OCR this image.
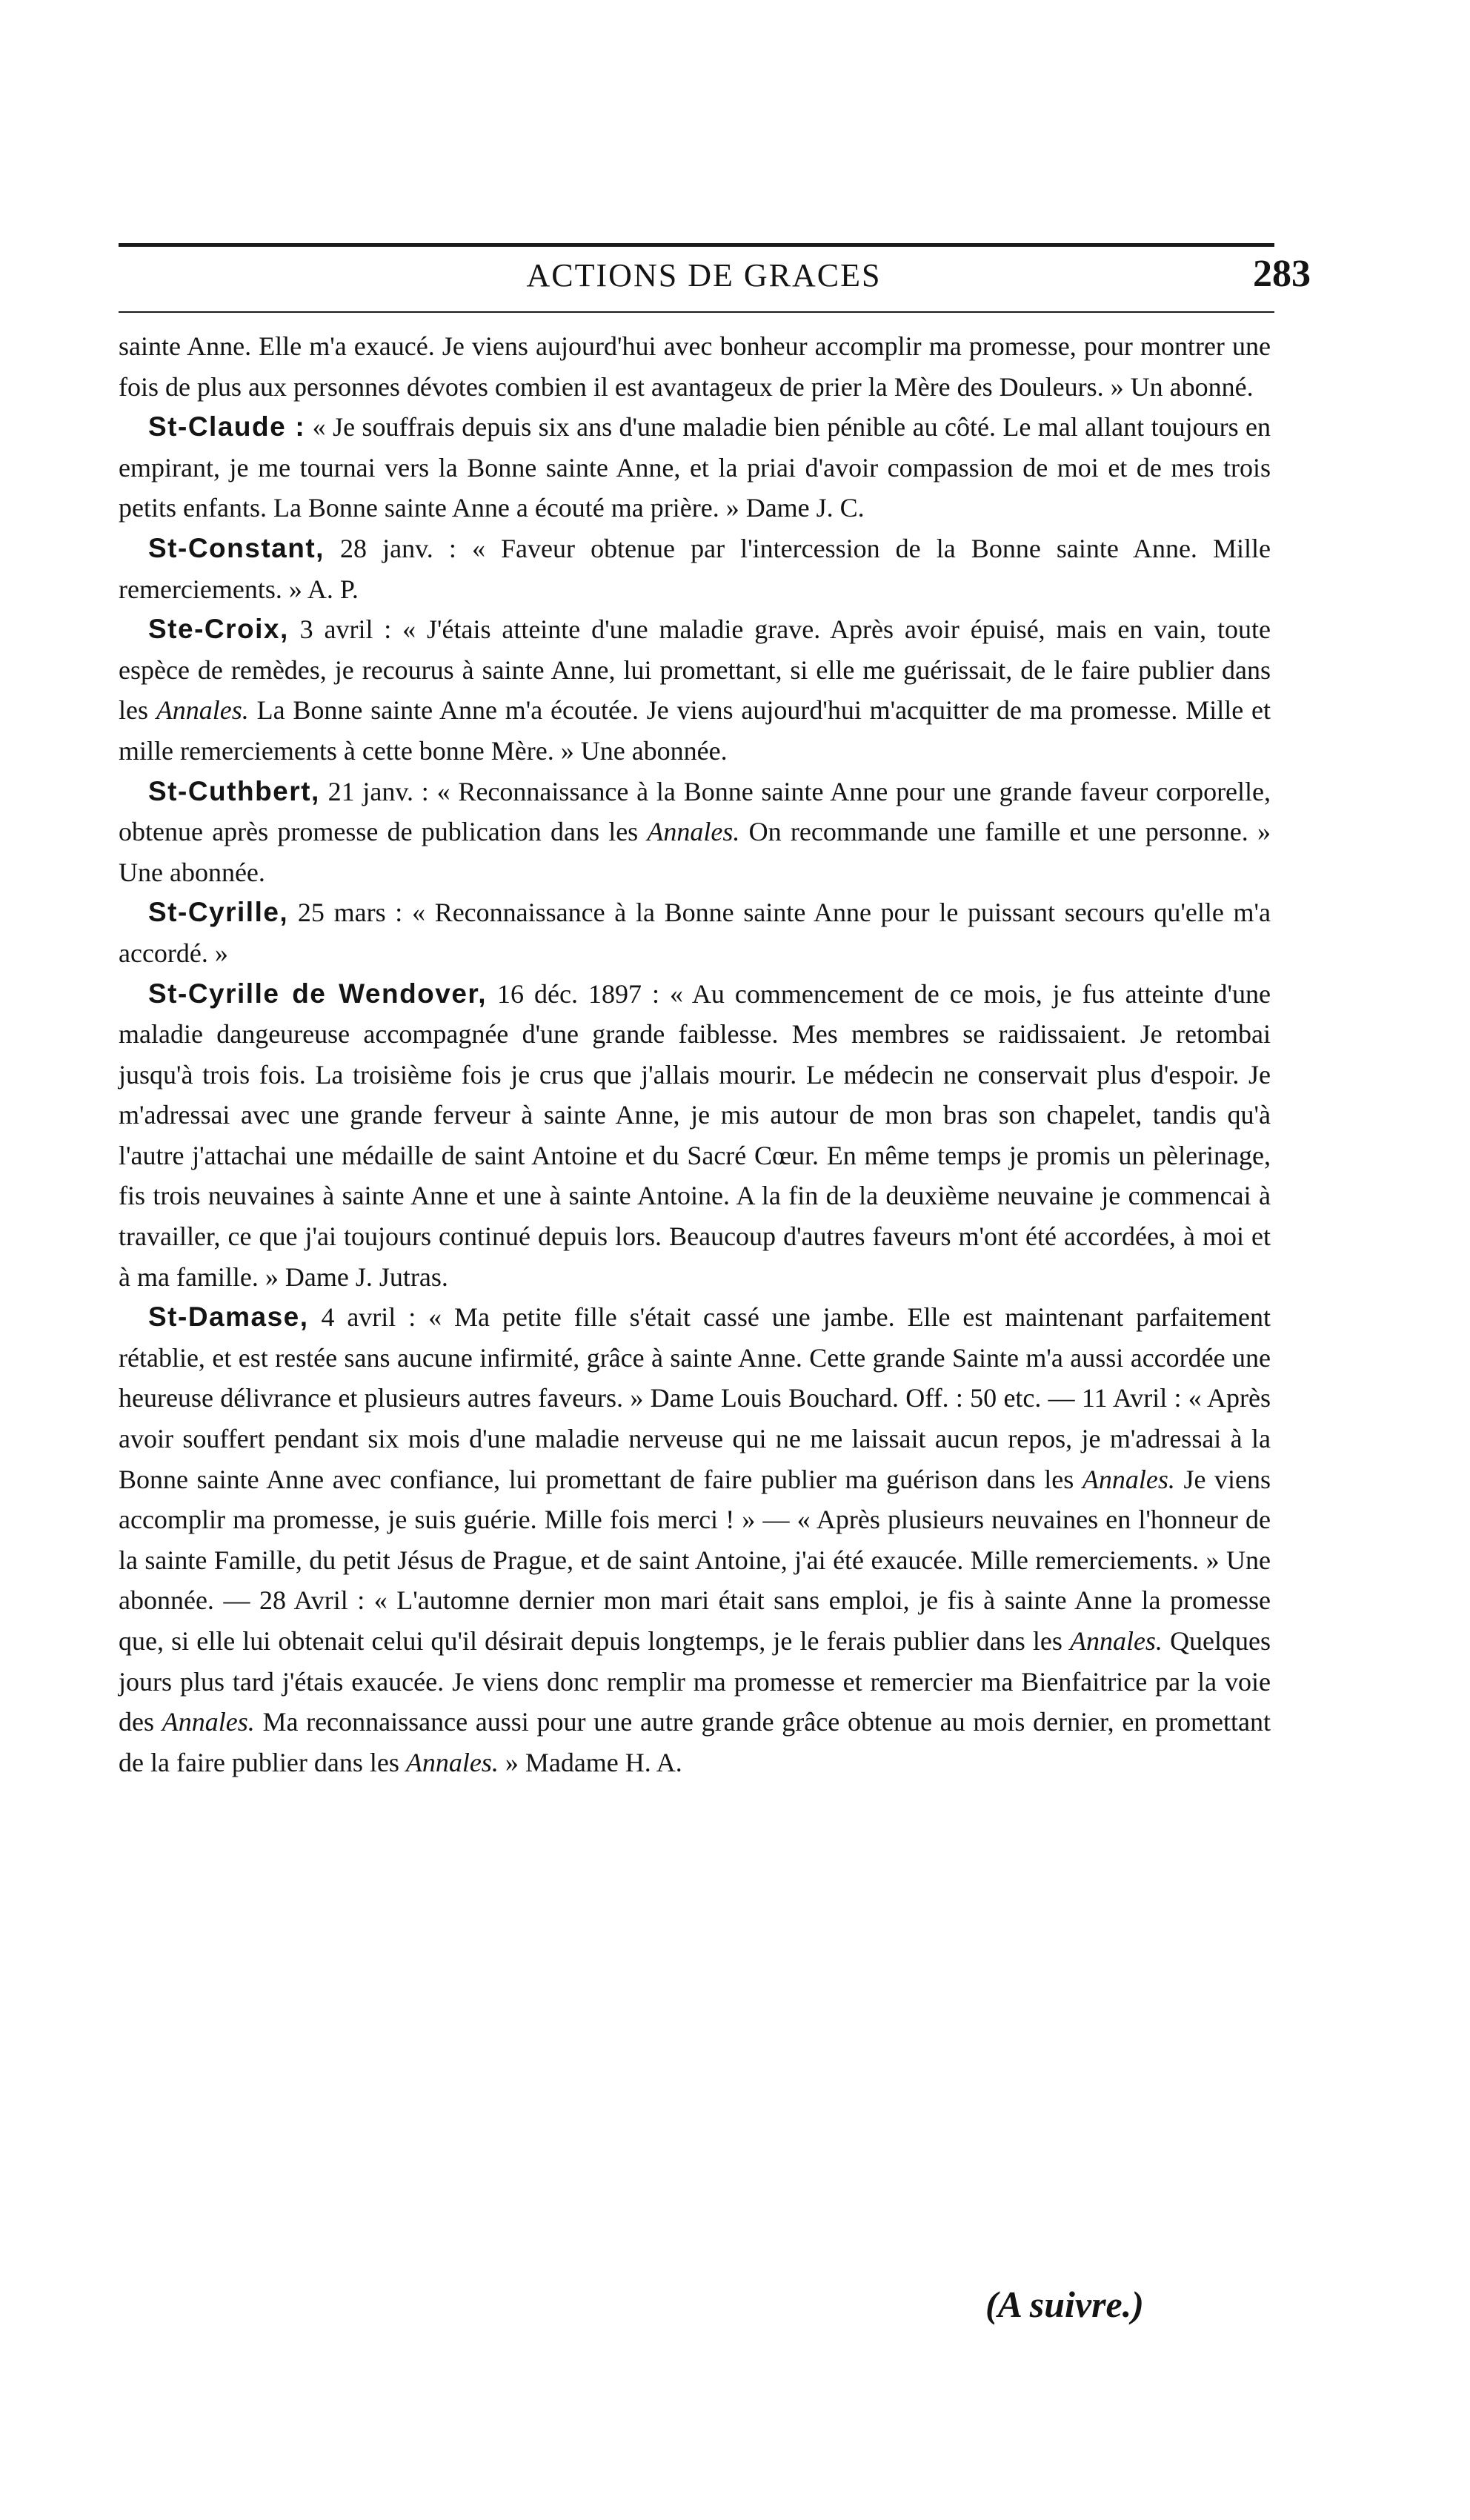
ACTIONS DE GRACES	283

sainte Anne. Elle m'a exaucé. Je viens aujourd'hui avec bonheur accomplir ma promesse, pour montrer une fois de plus aux personnes dévotes combien il est avantageux de prier la Mère des Douleurs. » Un abonné.

St-Claude : « Je souffrais depuis six ans d'une maladie bien pénible au côté. Le mal allant toujours en empirant, je me tournai vers la Bonne sainte Anne, et la priai d'avoir compassion de moi et de mes trois petits enfants. La Bonne sainte Anne a écouté ma prière. » Dame J. C.

St-Constant, 28 janv. : « Faveur obtenue par l'intercession de la Bonne sainte Anne. Mille remerciements. » A. P.

Ste-Croix, 3 avril : « J'étais atteinte d'une maladie grave. Après avoir épuisé, mais en vain, toute espèce de remèdes, je recourus à sainte Anne, lui promettant, si elle me guérissait, de le faire publier dans les Annales. La Bonne sainte Anne m'a écoutée. Je viens aujourd'hui m'acquitter de ma promesse. Mille et mille remerciements à cette bonne Mère. » Une abonnée.

St-Cuthbert, 21 janv. : « Reconnaissance à la Bonne sainte Anne pour une grande faveur corporelle, obtenue après promesse de publication dans les Annales. On recommande une famille et une personne. » Une abonnée.

St-Cyrille, 25 mars : « Reconnaissance à la Bonne sainte Anne pour le puissant secours qu'elle m'a accordé. »

St-Cyrille de Wendover, 16 déc. 1897 : « Au commencement de ce mois, je fus atteinte d'une maladie dangeureuse accompagnée d'une grande faiblesse. Mes membres se raidissaient. Je retombai jusqu'à trois fois. La troisième fois je crus que j'allais mourir. Le médecin ne conservait plus d'espoir. Je m'adressai avec une grande ferveur à sainte Anne, je mis autour de mon bras son chapelet, tandis qu'à l'autre j'attachai une médaille de saint Antoine et du Sacré Cœur. En même temps je promis un pèlerinage, fis trois neuvaines à sainte Anne et une à sainte Antoine. A la fin de la deuxième neuvaine je commencai à travailler, ce que j'ai toujours continué depuis lors. Beaucoup d'autres faveurs m'ont été accordées, à moi et à ma famille. » Dame J. Jutras.

St-Damase, 4 avril : « Ma petite fille s'était cassé une jambe. Elle est maintenant parfaitement rétablie, et est restée sans aucune infirmité, grâce à sainte Anne. Cette grande Sainte m'a aussi accordée une heureuse délivrance et plusieurs autres faveurs. » Dame Louis Bouchard. Off. : 50 etc. — 11 Avril : « Après avoir souffert pendant six mois d'une maladie nerveuse qui ne me laissait aucun repos, je m'adressai à la Bonne sainte Anne avec confiance, lui promettant de faire publier ma guérison dans les Annales. Je viens accomplir ma promesse, je suis guérie. Mille fois merci ! » — « Après plusieurs neuvaines en l'honneur de la sainte Famille, du petit Jésus de Prague, et de saint Antoine, j'ai été exaucée. Mille remerciements. » Une abonnée. — 28 Avril : « L'automne dernier mon mari était sans emploi, je fis à sainte Anne la promesse que, si elle lui obtenait celui qu'il désirait depuis longtemps, je le ferais publier dans les Annales. Quelques jours plus tard j'étais exaucée. Je viens donc remplir ma promesse et remercier ma Bienfaitrice par la voie des Annales. Ma reconnaissance aussi pour une autre grande grâce obtenue au mois dernier, en promettant de la faire publier dans les Annales. » Madame H. A.

(A suivre.)
